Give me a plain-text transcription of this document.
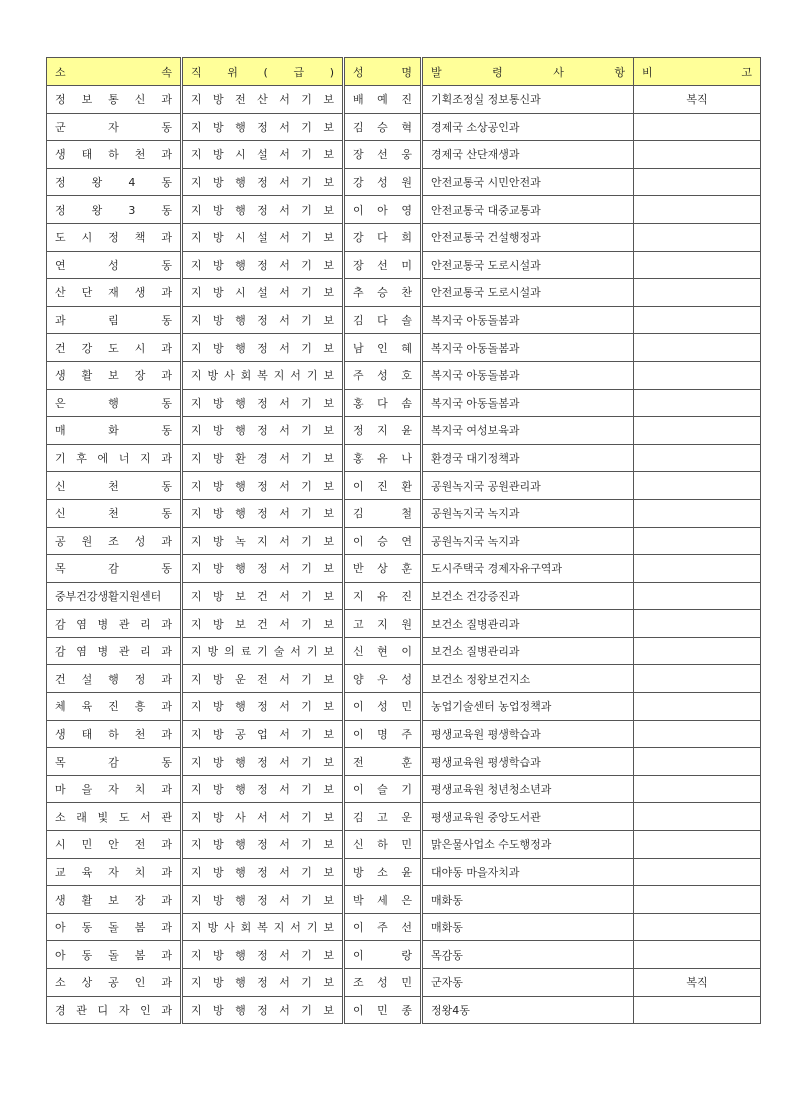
소 속	직 위 ( 급 )	성 명	발 령 사 항	비 고
정 보 통 신 과	지 방 전 산 서 기 보	배 예 진	기획조정실 정보통신과	복직
군 자 동	지 방 행 정 서 기 보	김 승 혁	경제국 소상공인과	
생 태 하 천 과	지 방 시 설 서 기 보	장 선 웅	경제국 산단재생과	
정 왕 4 동	지 방 행 정 서 기 보	강 성 원	안전교통국 시민안전과	
정 왕 3 동	지 방 행 정 서 기 보	이 아 영	안전교통국 대중교통과	
도 시 정 책 과	지 방 시 설 서 기 보	강 다 희	안전교통국 건설행정과	
연 성 동	지 방 행 정 서 기 보	장 선 미	안전교통국 도로시설과	
산 단 재 생 과	지 방 시 설 서 기 보	추 승 찬	안전교통국 도로시설과	
과 림 동	지 방 행 정 서 기 보	김 다 솔	복지국 아동돌봄과	
건 강 도 시 과	지 방 행 정 서 기 보	남 인 혜	복지국 아동돌봄과	
생 활 보 장 과	지 방 사 회 복 지 서 기 보	주 성 호	복지국 아동돌봄과	
은 행 동	지 방 행 정 서 기 보	홍 다 솜	복지국 아동돌봄과	
매 화 동	지 방 행 정 서 기 보	정 지 윤	복지국 여성보육과	
기 후 에 너 지 과	지 방 환 경 서 기 보	홍 유 나	환경국 대기정책과	
신 천 동	지 방 행 정 서 기 보	이 진 환	공원녹지국 공원관리과	
신 천 동	지 방 행 정 서 기 보	김 철	공원녹지국 녹지과	
공 원 조 성 과	지 방 녹 지 서 기 보	이 승 연	공원녹지국 녹지과	
목 감 동	지 방 행 정 서 기 보	반 상 훈	도시주택국 경제자유구역과	
중부건강생활지원센터	지 방 보 건 서 기 보	지 유 진	보건소 건강증진과	
감 염 병 관 리 과	지 방 보 건 서 기 보	고 지 원	보건소 질병관리과	
감 염 병 관 리 과	지 방 의 료 기 술 서 기 보	신 현 이	보건소 질병관리과	
건 설 행 정 과	지 방 운 전 서 기 보	양 우 성	보건소 정왕보건지소	
체 육 진 흥 과	지 방 행 정 서 기 보	이 성 민	농업기술센터 농업정책과	
생 태 하 천 과	지 방 공 업 서 기 보	이 명 주	평생교육원 평생학습과	
목 감 동	지 방 행 정 서 기 보	전 훈	평생교육원 평생학습과	
마 을 자 치 과	지 방 행 정 서 기 보	이 슬 기	평생교육원 청년청소년과	
소 래 빛 도 서 관	지 방 사 서 서 기 보	김 고 운	평생교육원 중앙도서관	
시 민 안 전 과	지 방 행 정 서 기 보	신 하 민	맑은물사업소 수도행정과	
교 육 자 치 과	지 방 행 정 서 기 보	방 소 윤	대야동 마을자치과	
생 활 보 장 과	지 방 행 정 서 기 보	박 세 은	매화동	
아 동 돌 봄 과	지 방 사 회 복 지 서 기 보	이 주 선	매화동	
아 동 돌 봄 과	지 방 행 정 서 기 보	이 랑	목감동	
소 상 공 인 과	지 방 행 정 서 기 보	조 성 민	군자동	복직
경 관 디 자 인 과	지 방 행 정 서 기 보	이 민 종	정왕4동	
